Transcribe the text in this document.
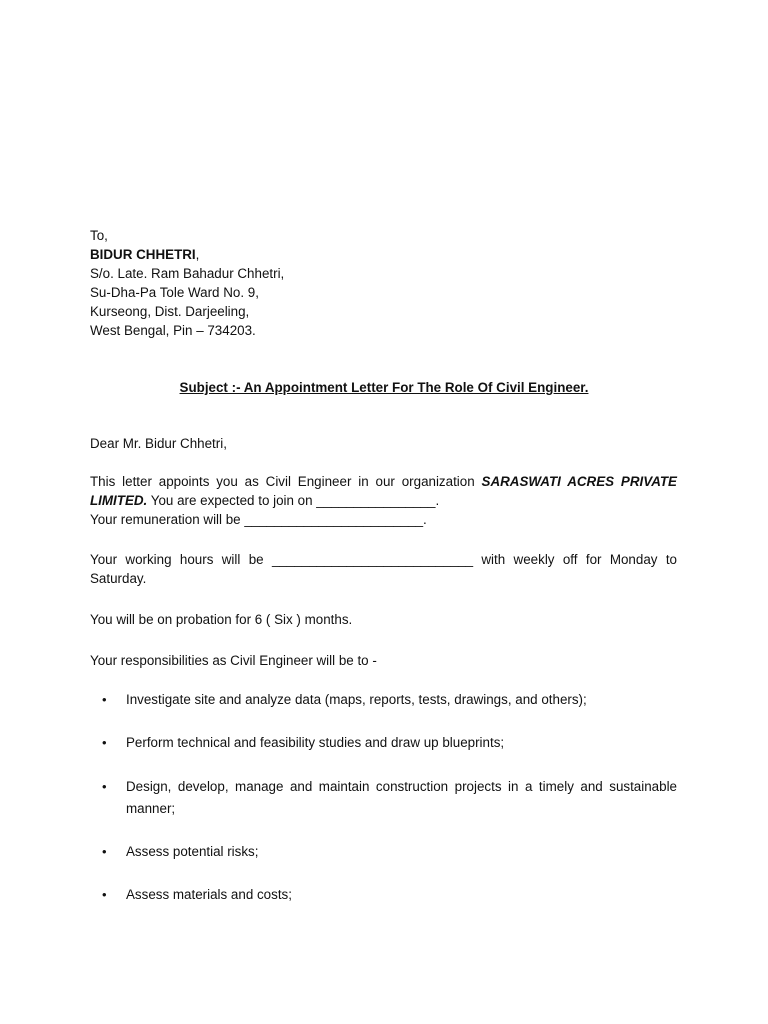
To,
BIDUR CHHETRI,
S/o. Late. Ram Bahadur Chhetri,
Su-Dha-Pa Tole Ward No. 9,
Kurseong, Dist. Darjeeling,
West Bengal, Pin – 734203.
Subject :- An Appointment Letter For The Role Of Civil Engineer.
Dear Mr. Bidur Chhetri,
This letter appoints you as Civil Engineer in our organization SARASWATI ACRES PRIVATE
LIMITED. You are expected to join on ________________.
Your remuneration will be ________________________.
Your working hours will be ___________________________ with weekly off for Monday to
Saturday.
You will be on probation for 6 ( Six ) months.
Your responsibilities as Civil Engineer will be to -
• Investigate site and analyze data (maps, reports, tests, drawings, and others);
• Perform technical and feasibility studies and draw up blueprints;
• Design, develop, manage and maintain construction projects in a timely and sustainable
manner;
• Assess potential risks;
• Assess materials and costs;
